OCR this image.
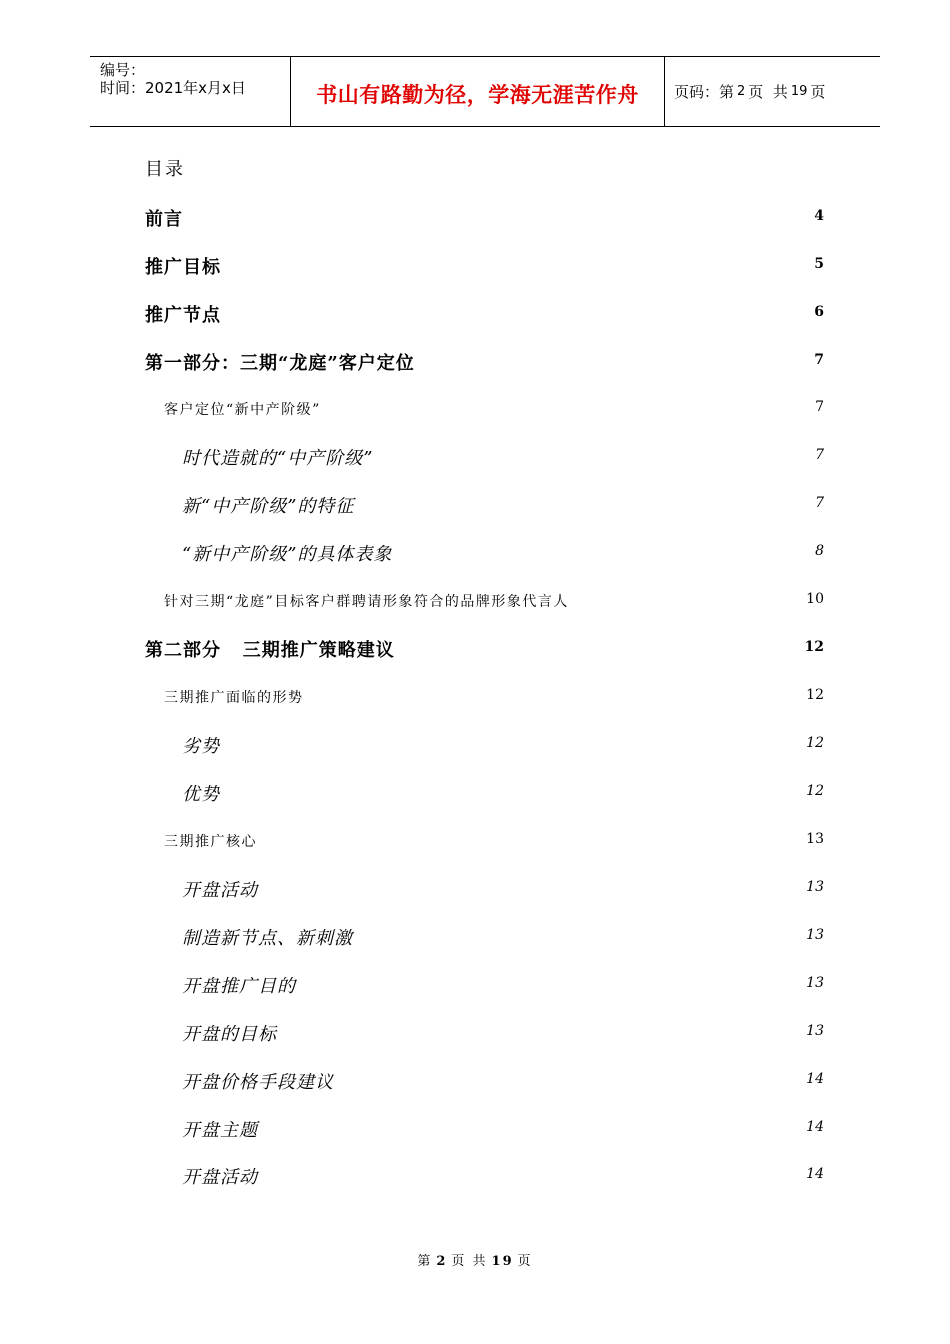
编号：
时间：2021年x月x日	书山有路勤为径，学海无涯苦作舟	页码：第 2 页  共 19 页
目录
前言	4
推广目标	5
推广节点	6
第一部分：三期“龙庭”客户定位	7
客户定位“新中产阶级”	7
时代造就的“中产阶级”	7
新“中产阶级”的特征	7
“新中产阶级”的具体表象	8
针对三期“龙庭”目标客户群聘请形象符合的品牌形象代言人	10
第二部分   三期推广策略建议	12
三期推广面临的形势	12
劣势	12
优势	12
三期推广核心	13
开盘活动	13
制造新节点、新刺激	13
开盘推广目的	13
开盘的目标	13
开盘价格手段建议	14
开盘主题	14
开盘活动	14
第 2 页 共 19 页
